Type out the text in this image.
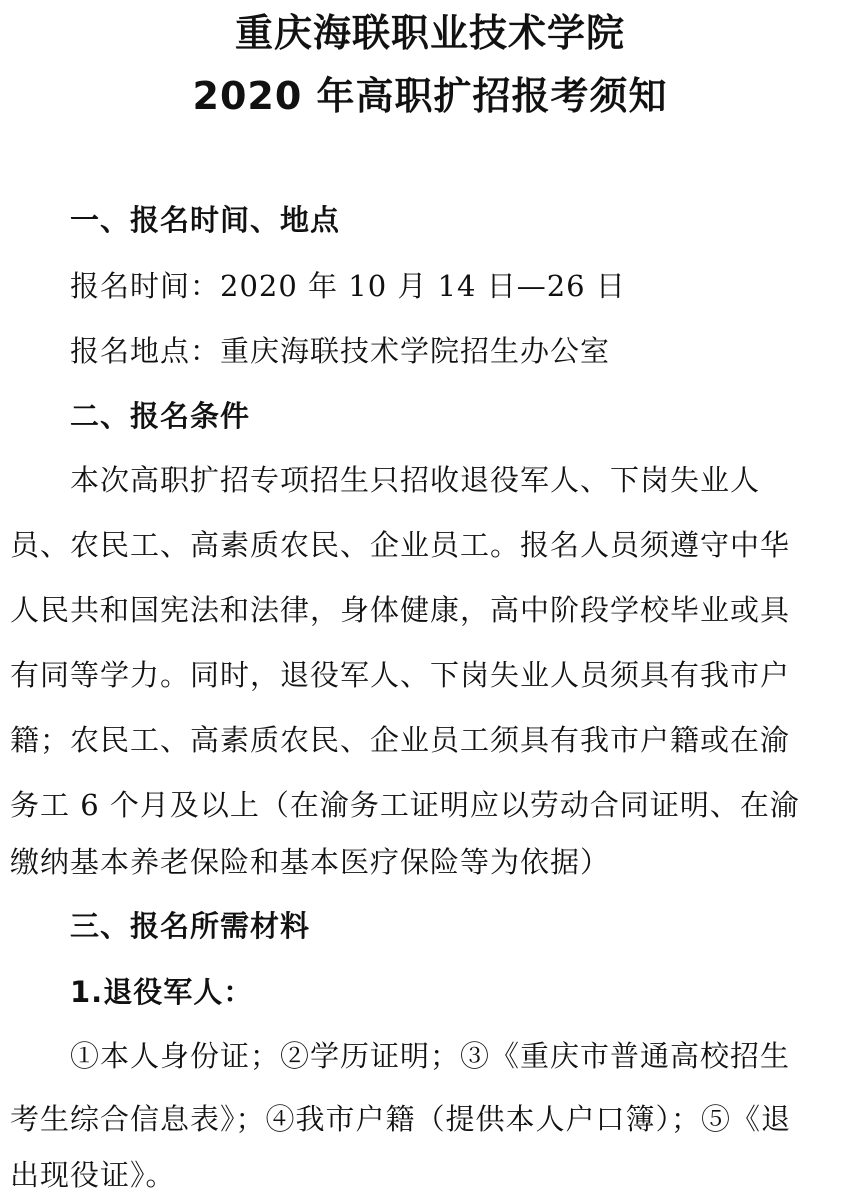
重庆海联职业技术学院
2020 年高职扩招报考须知
一、报名时间、地点
报名时间：2020 年 10 月 14 日—26 日
报名地点：重庆海联技术学院招生办公室
二、报名条件
本次高职扩招专项招生只招收退役军人、下岗失业人
员、农民工、高素质农民、企业员工。报名人员须遵守中华
人民共和国宪法和法律，身体健康，高中阶段学校毕业或具
有同等学力。同时，退役军人、下岗失业人员须具有我市户
籍；农民工、高素质农民、企业员工须具有我市户籍或在渝
务工 6 个月及以上（在渝务工证明应以劳动合同证明、在渝
缴纳基本养老保险和基本医疗保险等为依据）
三、报名所需材料
1.退役军人：
①本人身份证；②学历证明；③《重庆市普通高校招生
考生综合信息表》；④我市户籍（提供本人户口簿）；⑤《退
出现役证》。
